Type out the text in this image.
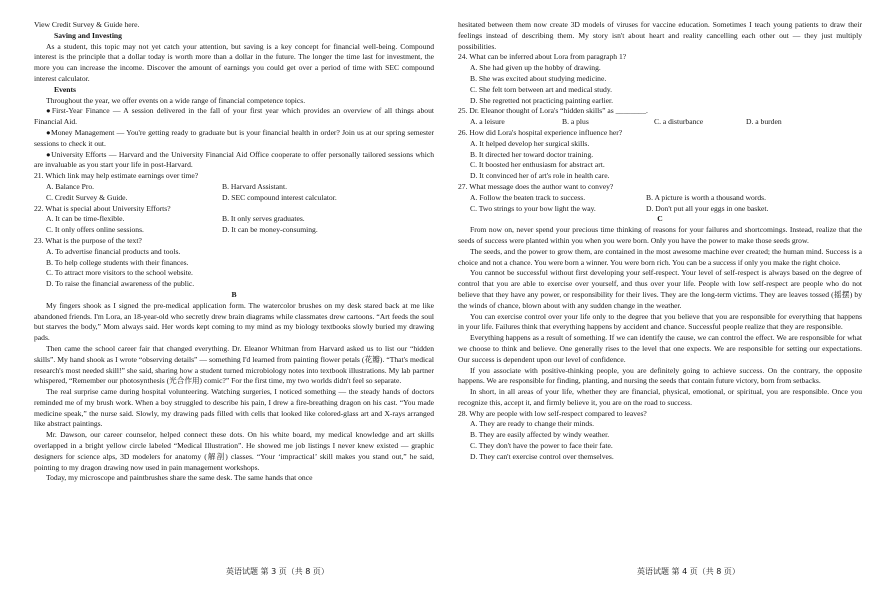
View Credit Survey & Guide here.
Saving and Investing
As a student, this topic may not yet catch your attention, but saving is a key concept for financial well-being. Compound interest is the principle that a dollar today is worth more than a dollar in the future. The longer the time last for investment, the more you can increase the income. Discover the amount of earnings you could get over a period of time with SEC compound interest calculator.
Events
Throughout the year, we offer events on a wide range of financial competence topics.
●First-Year Finance — A session delivered in the fall of your first year which provides an overview of all things about Financial Aid.
●Money Management — You're getting ready to graduate but is your financial health in order? Join us at our spring semester sessions to check it out.
●University Efforts — Harvard and the University Financial Aid Office cooperate to offer personally tailored sessions which are invaluable as you start your life in post-Harvard.
21. Which link may help estimate earnings over time?
A. Balance Pro.	B. Harvard Assistant.
C. Credit Survey & Guide.	D. SEC compound interest calculator.
22. What is special about University Efforts?
A. It can be time-flexible.	B. It only serves graduates.
C. It only offers online sessions.	D. It can be money-consuming.
23. What is the purpose of the text?
A. To advertise financial products and tools.
B. To help college students with their finances.
C. To attract more visitors to the school website.
D. To raise the financial awareness of the public.
B
My fingers shook as I signed the pre-medical application form. The watercolor brushes on my desk stared back at me like abandoned friends. I'm Lora, an 18-year-old who secretly drew brain diagrams while classmates drew cartoons. “Art feeds the soul but starves the body,” Mom always said. Her words kept coming to my mind as my biology textbooks slowly buried my drawing pads.
Then came the school career fair that changed everything. Dr. Eleanor Whitman from Harvard asked us to list our “hidden skills”. My hand shook as I wrote “observing details” — something I'd learned from painting flower petals (花瓣). “That's medical research's most needed skill!” she said, sharing how a student turned microbiology notes into textbook illustrations. My lab partner whispered, “Remember our photosynthesis (光合作用) comic?” For the first time, my two worlds didn't feel so separate.
The real surprise came during hospital volunteering. Watching surgeries, I noticed something — the steady hands of doctors reminded me of my brush work. When a boy struggled to describe his pain, I drew a fire-breathing dragon on his cast. “You made medicine speak,” the nurse said. Slowly, my drawing pads filled with cells that looked like colored-glass art and X-rays arranged like abstract paintings.
Mr. Dawson, our career counselor, helped connect these dots. On his white board, my medical knowledge and art skills overlapped in a bright yellow circle labeled “Medical Illustration”. He showed me job listings I never knew existed — graphic designers for science alps, 3D modelers for anatomy (解剖) classes. “Your ‘impractical’ skill makes you stand out,” he said, pointing to my dragon drawing now used in pain management workshops.
Today, my microscope and paintbrushes share the same desk. The same hands that once
hesitated between them now create 3D models of viruses for vaccine education. Sometimes I teach young patients to draw their feelings instead of describing them. My story isn't about heart and reality cancelling each other out — they just multiply possibilities.
24. What can be inferred about Lora from paragraph 1?
A. She had given up the hobby of drawing.
B. She was excited about studying medicine.
C. She felt torn between art and medical study.
D. She regretted not practicing painting earlier.
25. Dr. Eleanor thought of Lora's “hidden skills” as ________.
A. a leisure	B. a plus	C. a disturbance	D. a burden
26. How did Lora's hospital experience influence her?
A. It helped develop her surgical skills.
B. It directed her toward doctor training.
C. It boosted her enthusiasm for abstract art.
D. It convinced her of art's role in health care.
27. What message does the author want to convey?
A. Follow the beaten track to success.	B. A picture is worth a thousand words.
C. Two strings to your bow light the way.	D. Don't put all your eggs in one basket.
C
From now on, never spend your precious time thinking of reasons for your failures and shortcomings. Instead, realize that the seeds of success were planted within you when you were born. Only you have the power to make those seeds grow.
The seeds, and the power to grow them, are contained in the most awesome machine ever created; the human mind. Success is a choice and not a chance. You were born a winner. You were born rich. You can be a success if only you make the right choice.
You cannot be successful without first developing your self-respect. Your level of self-respect is always based on the degree of control that you are able to exercise over yourself, and thus over your life. People with low self-respect are people who do not believe that they have any power, or responsibility for their lives. They are the long-term victims. They are leaves tossed (摇摆) by the winds of chance, blown about with any sudden change in the weather.
You can exercise control over your life only to the degree that you believe that you are responsible for everything that happens in your life. Failures think that everything happens by accident and chance. Successful people realize that they are responsible.
Everything happens as a result of something. If we can identify the cause, we can control the effect. We are responsible for what we choose to think and believe. One generally rises to the level that one expects. We are responsible for setting our expectations. Our success is dependent upon our level of confidence.
If you associate with positive-thinking people, you are definitely going to achieve success. On the contrary, the opposite happens. We are responsible for finding, planting, and nursing the seeds that contain future victory, born from setbacks.
In short, in all areas of your life, whether they are financial, physical, emotional, or spiritual, you are responsible. Once you recognize this, accept it, and firmly believe it, you are on the road to success.
28. Why are people with low self-respect compared to leaves?
A. They are ready to change their minds.
B. They are easily affected by windy weather.
C. They don't have the power to face their fate.
D. They can't exercise control over themselves.
英语试题 第 3 页（共 8 页）	英语试题 第 4 页（共 8 页）
